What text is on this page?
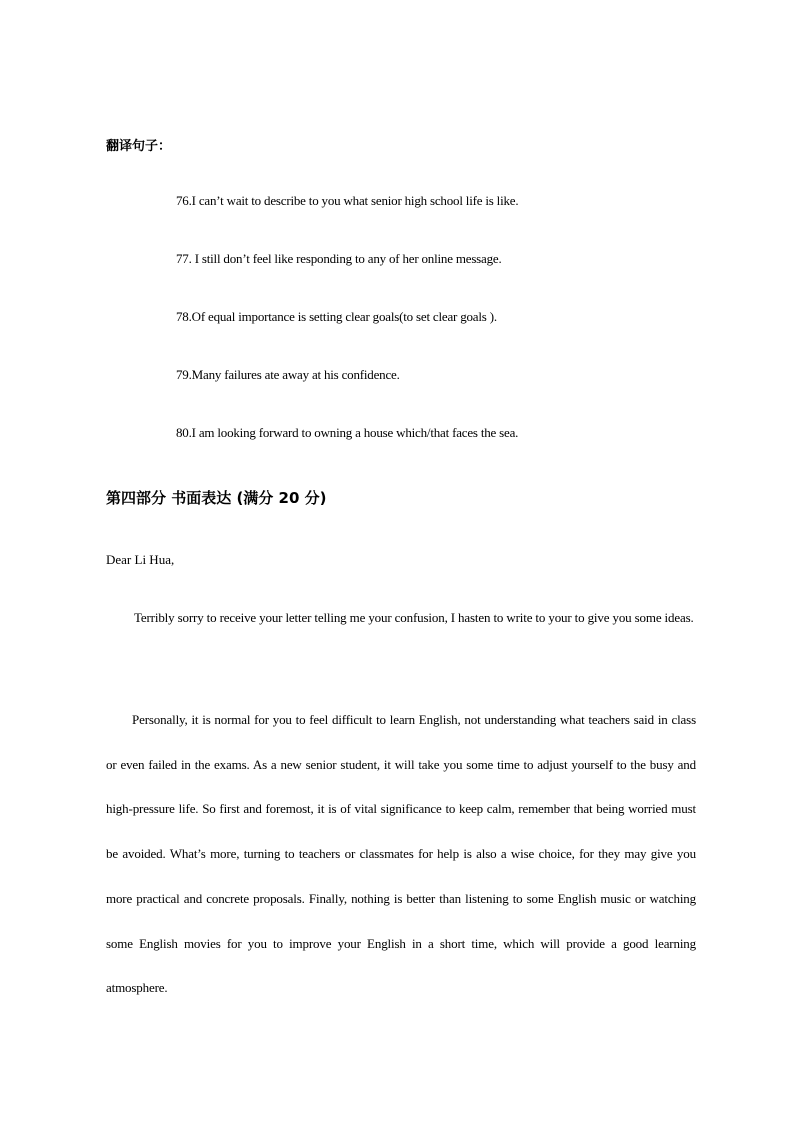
翻译句子：
76.I can’t wait to describe to you what senior high school life is like.
77. I still don’t feel like responding to any of her online message.
78.Of equal importance is setting clear goals(to set clear goals ).
79.Many failures ate away at his confidence.
80.I am looking forward to owning a house which/that faces the sea.
第四部分 书面表达 (满分 20 分)
Dear Li Hua,

Terribly sorry to receive your letter telling me your confusion, I hasten to write to your to give you some ideas.

Personally, it is normal for you to feel difficult to learn English, not understanding what teachers said in class or even failed in the exams. As a new senior student, it will take you some time to adjust yourself to the busy and high-pressure life. So first and foremost, it is of vital significance to keep calm, remember that being worried must be avoided. What’s more, turning to teachers or classmates for help is also a wise choice, for they may give you more practical and concrete proposals. Finally, nothing is better than listening to some English music or watching some English movies for you to improve your English in a short time, which will provide a good learning atmosphere.
